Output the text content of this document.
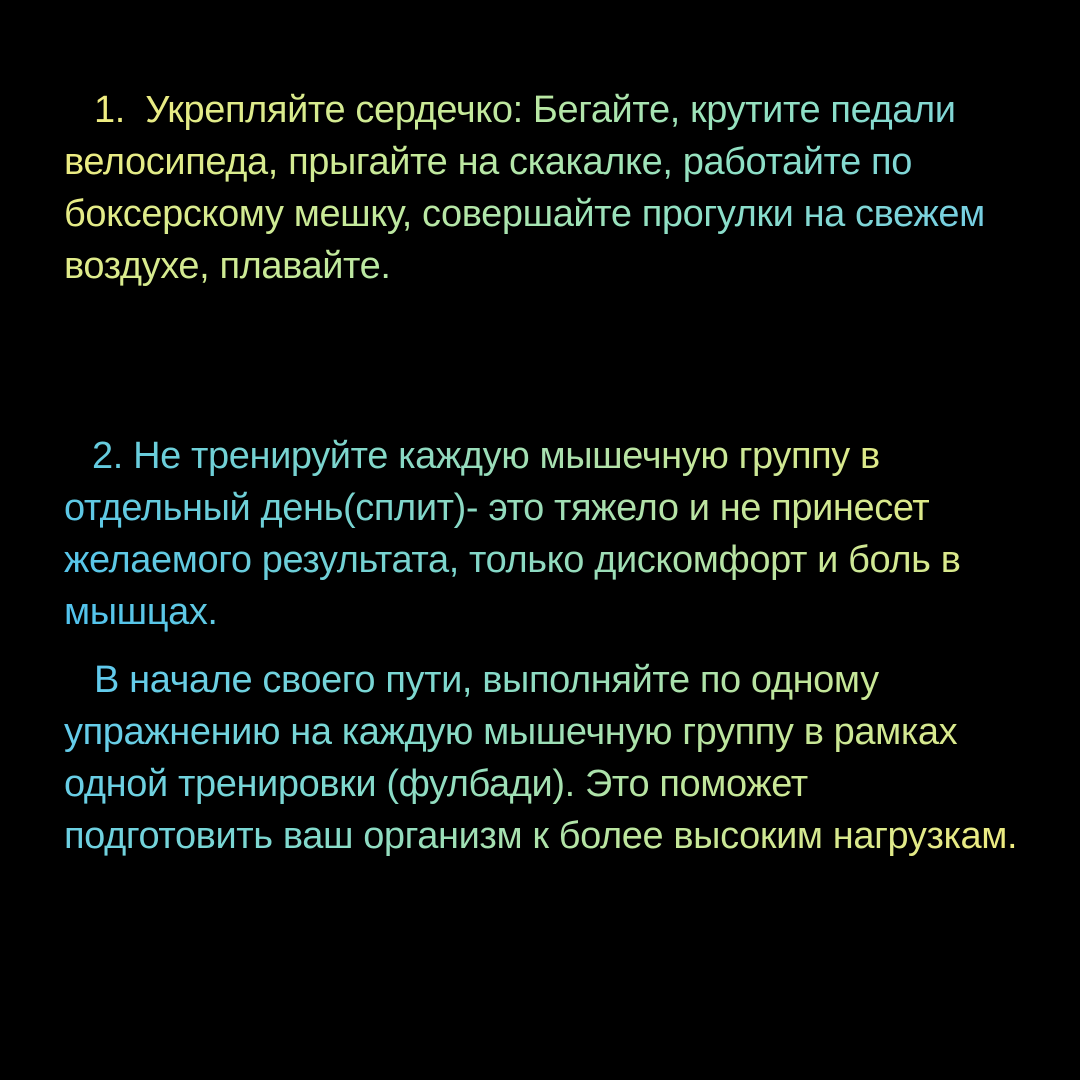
1. Укрепляйте сердечко: Бегайте, крутите педали велосипеда, прыгайте на скакалке, работайте по боксерскому мешку, совершайте прогулки на свежем воздухе, плавайте.

2. Не тренируйте каждую мышечную группу в отдельный день(сплит)- это тяжело и не принесет желаемого результата, только дискомфорт и боль в мышцах.

В начале своего пути, выполняйте по одному упражнению на каждую мышечную группу в рамках одной тренировки (фулбади). Это поможет подготовить ваш организм к более высоким нагрузкам.
